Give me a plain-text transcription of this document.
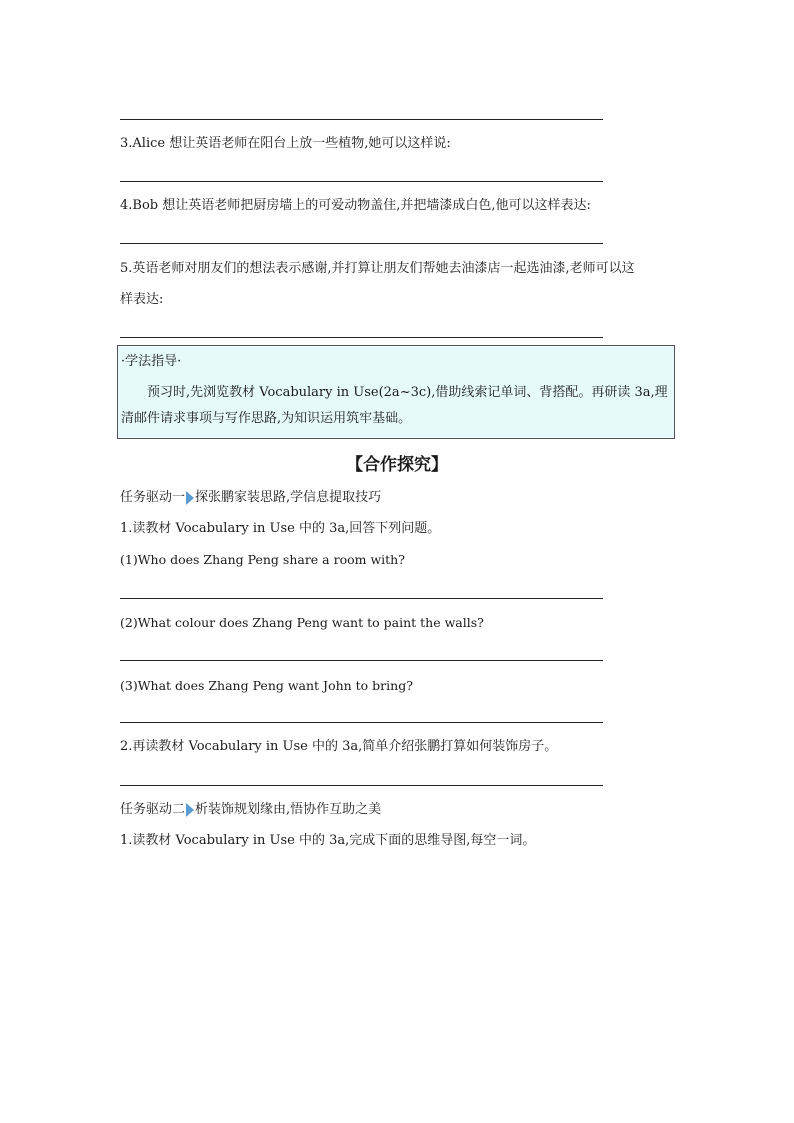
3.Alice 想让英语老师在阳台上放一些植物,她可以这样说:
4.Bob 想让英语老师把厨房墙上的可爱动物盖住,并把墙漆成白色,他可以这样表达:
5.英语老师对朋友们的想法表示感谢,并打算让朋友们帮她去油漆店一起选油漆,老师可以这
样表达:
·学法指导·
预习时,先浏览教材 Vocabulary in Use(2a~3c),借助线索记单词、背搭配。再研读 3a,理清邮件请求事项与写作思路,为知识运用筑牢基础。
【合作探究】
任务驱动一 探张鹏家装思路,学信息提取技巧
1.读教材 Vocabulary in Use 中的 3a,回答下列问题。
(1)Who does Zhang Peng share a room with?
(2)What colour does Zhang Peng want to paint the walls?
(3)What does Zhang Peng want John to bring?
2.再读教材 Vocabulary in Use 中的 3a,简单介绍张鹏打算如何装饰房子。
任务驱动二 析装饰规划缘由,悟协作互助之美
1.读教材 Vocabulary in Use 中的 3a,完成下面的思维导图,每空一词。
